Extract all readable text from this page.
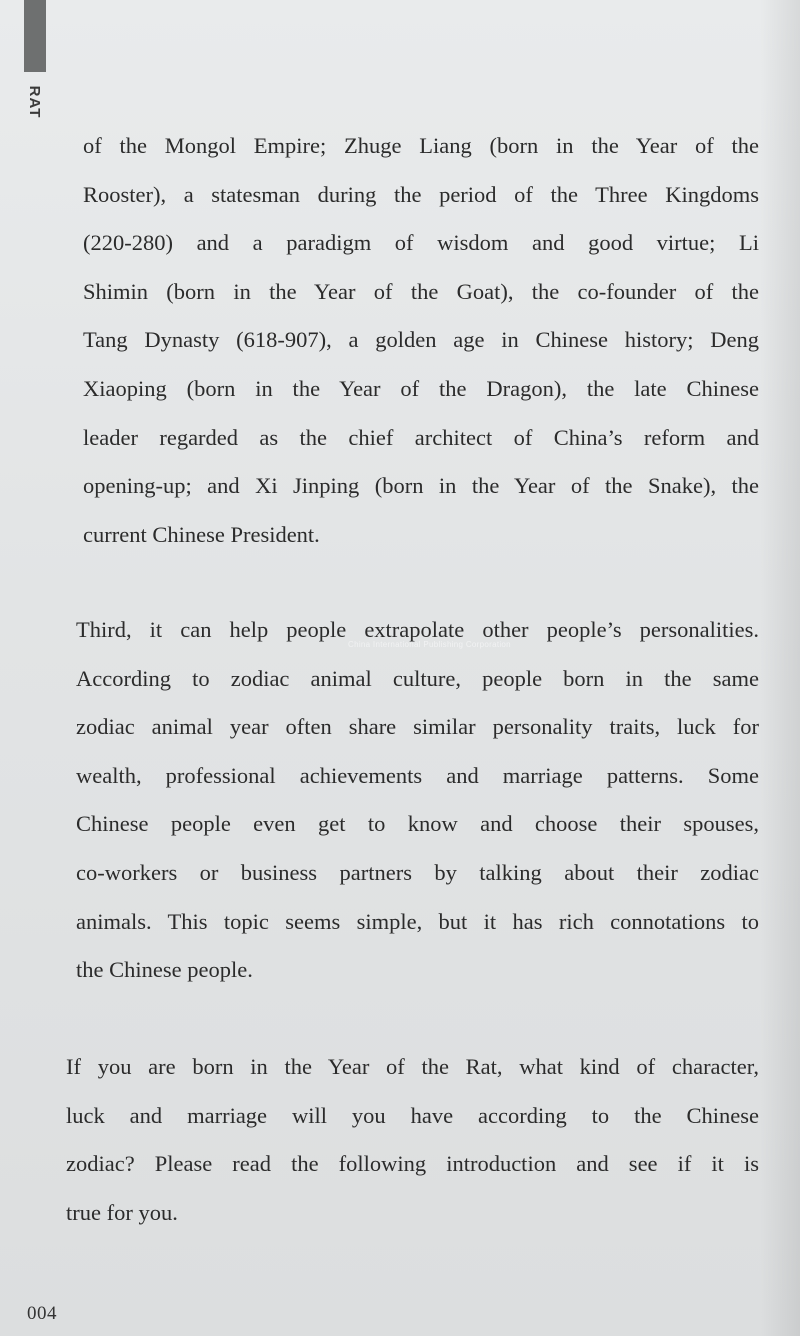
RAT
of the Mongol Empire; Zhuge Liang (born in the Year of the
Rooster), a statesman during the period of the Three Kingdoms
(220-280) and a paradigm of wisdom and good virtue; Li
Shimin (born in the Year of the Goat), the co-founder of the
Tang Dynasty (618-907), a golden age in Chinese history; Deng
Xiaoping (born in the Year of the Dragon), the late Chinese
leader regarded as the chief architect of China’s reform and
opening-up; and Xi Jinping (born in the Year of the Snake), the
current Chinese President.
Third, it can help people extrapolate other people’s personalities.
According to zodiac animal culture, people born in the same
zodiac animal year often share similar personality traits, luck for
wealth, professional achievements and marriage patterns. Some
Chinese people even get to know and choose their spouses,
co-workers or business partners by talking about their zodiac
animals. This topic seems simple, but it has rich connotations to
the Chinese people.
China International Publishing Corporation
If you are born in the Year of the Rat, what kind of character,
luck and marriage will you have according to the Chinese
zodiac? Please read the following introduction and see if it is
true for you.
004
